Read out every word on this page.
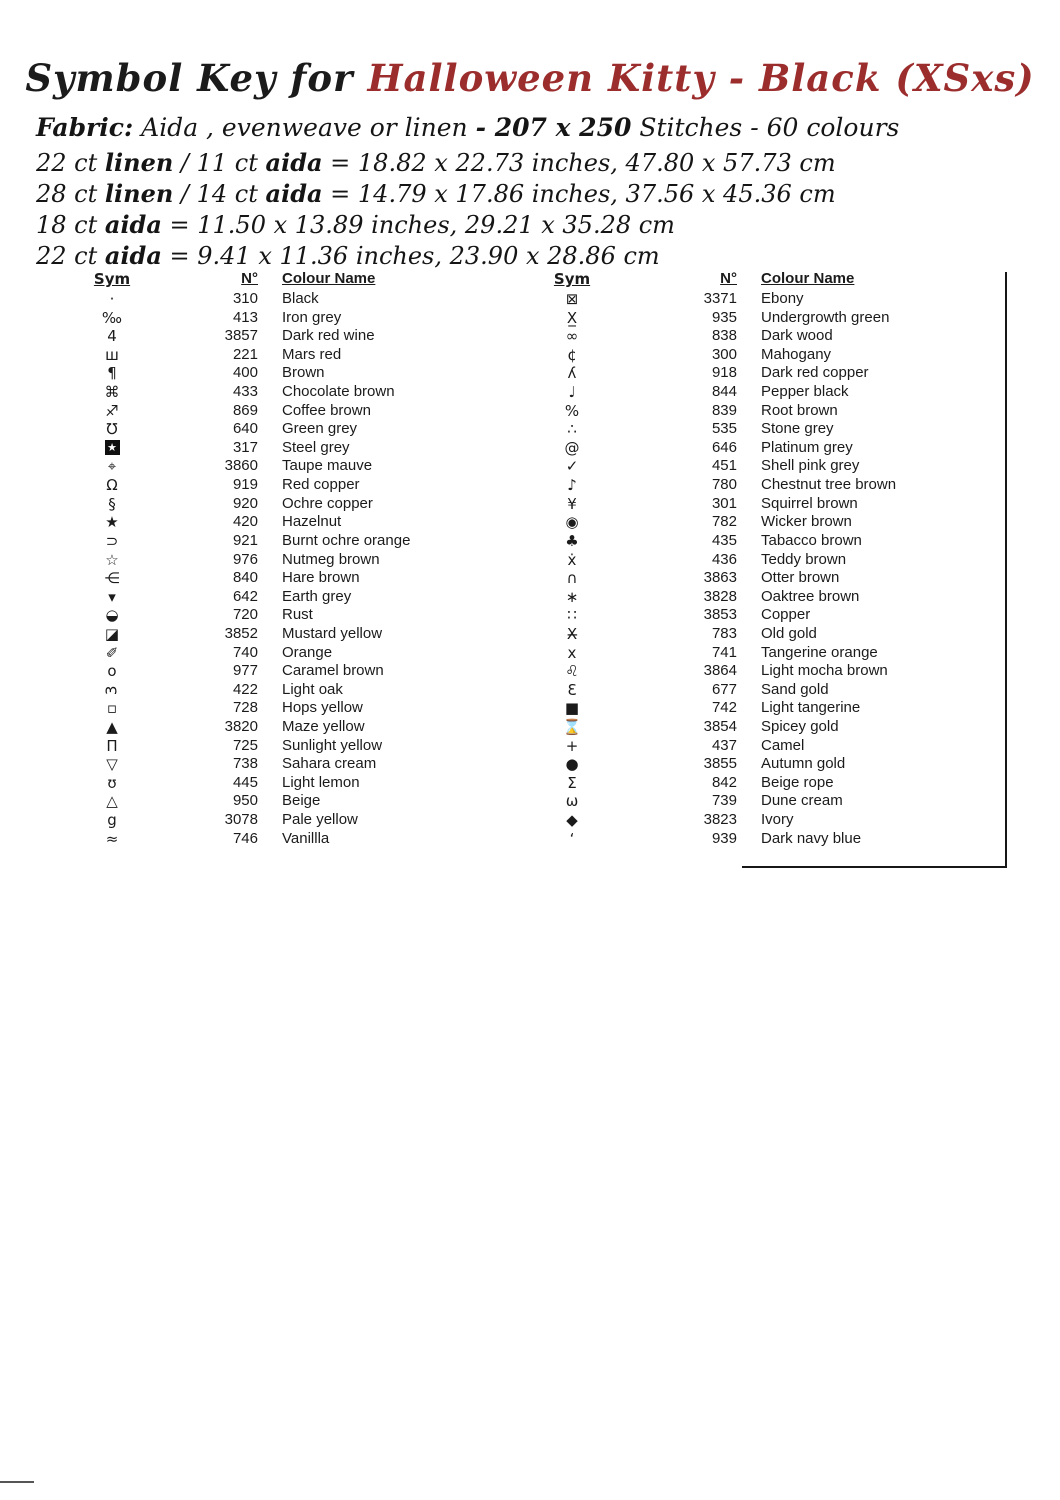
Symbol Key for Halloween Kitty - Black (XSxs)
Fabric: Aida , evenweave or linen - 207 x 250 Stitches - 60 colours
22 ct linen / 11 ct aida = 18.82 x 22.73 inches, 47.80 x 57.73 cm
28 ct linen / 14 ct aida = 14.79 x 17.86 inches, 37.56 x 45.36 cm
18 ct aida = 11.50 x 13.89 inches, 29.21 x 35.28 cm
22 ct aida = 9.41 x 11.36 inches, 23.90 x 28.86 cm
Sym	N°	Colour Name
·	310	Black
‰	413	Iron grey
4	3857	Dark red wine
ш	221	Mars red
¶	400	Brown
⌘	433	Chocolate brown
♐	869	Coffee brown
℧	640	Green grey
★	317	Steel grey
⌖	3860	Taupe mauve
Ω	919	Red copper
§	920	Ochre copper
★	420	Hazelnut
⊃	921	Burnt ochre orange
☆	976	Nutmeg brown
⋲	840	Hare brown
▾	642	Earth grey
◒	720	Rust
◪	3852	Mustard yellow
✐	740	Orange
o	977	Caramel brown
3	422	Light oak
▫	728	Hops yellow
▲	3820	Maze yellow
Π	725	Sunlight yellow
▽	738	Sahara cream
ʊ	445	Light lemon
△	950	Beige
g	3078	Pale yellow
≈	746	Vanillla
Sym	N°	Colour Name
⊠	3371	Ebony
X̲	935	Undergrowth green
∞	838	Dark wood
¢	300	Mahogany
ʎ	918	Dark red copper
♩	844	Pepper black
%	839	Root brown
∴	535	Stone grey
@	646	Platinum grey
✓	451	Shell pink grey
♪	780	Chestnut tree brown
¥	301	Squirrel brown
◉	782	Wicker brown
♣	435	Tabacco brown
ẋ	436	Teddy brown
∩	3863	Otter brown
∗	3828	Oaktree brown
∷	3853	Copper
X̶	783	Old gold
x	741	Tangerine orange
♌	3864	Light mocha brown
Ɛ	677	Sand gold
■	742	Light tangerine
⌛	3854	Spicey gold
+	437	Camel
●	3855	Autumn gold
Σ	842	Beige rope
ω	739	Dune cream
◆	3823	Ivory
‘	939	Dark navy blue
